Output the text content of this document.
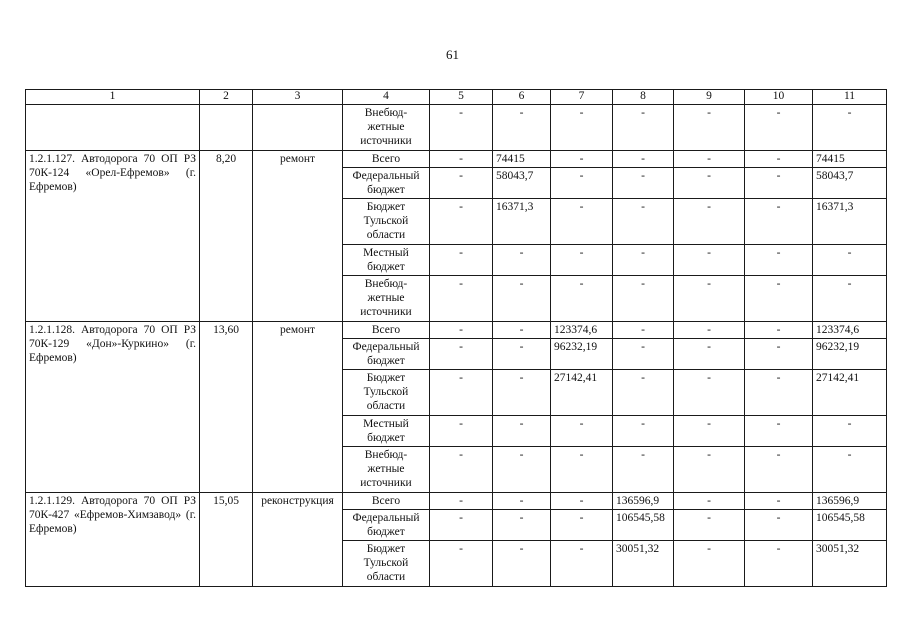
61
1	2	3	4	5	6	7	8	9	10	11
			Внебюд-
жетные
источники	-	-	-	-	-	-	-
1.2.1.127. Автодорога 70 ОП РЗ 70К-124 «Орел-Ефремов» (г. Ефремов)	8,20	ремонт	Всего	-	74415	-	-	-	-	74415
			Федеральный бюджет	-	58043,7	-	-	-	-	58043,7
			Бюджет Тульской области	-	16371,3	-	-	-	-	16371,3
			Местный бюджет	-	-	-	-	-	-	-
			Внебюд-
жетные
источники	-	-	-	-	-	-	-
1.2.1.128. Автодорога 70 ОП РЗ 70К-129 «Дон»-Куркино» (г. Ефремов)	13,60	ремонт	Всего	-	-	123374,6	-	-	-	123374,6
			Федеральный бюджет	-	-	96232,19	-	-	-	96232,19
			Бюджет Тульской области	-	-	27142,41	-	-	-	27142,41
			Местный бюджет	-	-	-	-	-	-	-
			Внебюд-
жетные
источники	-	-	-	-	-	-	-
1.2.1.129. Автодорога 70 ОП РЗ 70К-427 «Ефремов-Химзавод» (г. Ефремов)	15,05	реконструкция	Всего	-	-	-	136596,9	-	-	136596,9
			Федеральный бюджет	-	-	-	106545,58	-	-	106545,58
			Бюджет Тульской области	-	-	-	30051,32	-	-	30051,32
